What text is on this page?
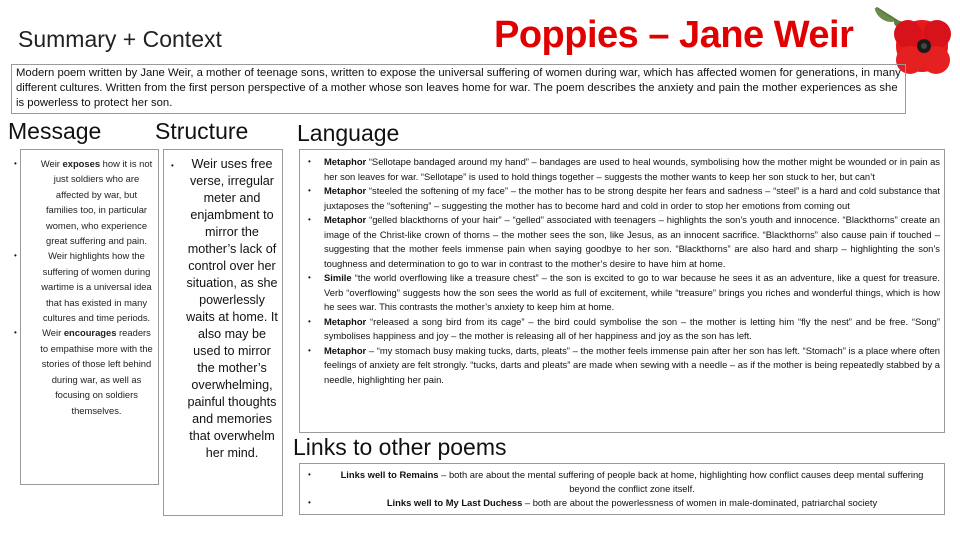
Summary + Context	Poppies – Jane Weir
Modern poem written by Jane Weir, a mother of teenage sons, written to expose the universal suffering of women during war, which has affected women for generations, in many different cultures. Written from the first person perspective of a mother whose son leaves home for war. The poem describes the anxiety and pain the mother experiences as she is powerless to protect her son.
Message Structure Language
• Weir exposes how it is not just soldiers who are affected by war, but families too, in particular women, who experience great suffering and pain.
• Weir highlights how the suffering of women during wartime is a universal idea that has existed in many cultures and time periods.
• Weir encourages readers to empathise more with the stories of those left behind during war, as well as focusing on soldiers themselves.
• Weir uses free verse, irregular meter and enjambment to mirror the mother’s lack of control over her situation, as she powerlessly waits at home. It also may be used to mirror the mother’s overwhelming, painful thoughts and memories that overwhelm her mind.
• Metaphor “Sellotape bandaged around my hand” – bandages are used to heal wounds, symbolising how the mother might be wounded or in pain as her son leaves for war. “Sellotape” is used to hold things together – suggests the mother wants to keep her son stuck to her, but can’t
• Metaphor “steeled the softening of my face” – the mother has to be strong despite her fears and sadness – “steel” is a hard and cold substance that juxtaposes the “softening” – suggesting the mother has to become hard and cold in order to stop her emotions from coming out
• Metaphor “gelled blackthorns of your hair” – “gelled” associated with teenagers – highlights the son’s youth and innocence. “Blackthorns” create an image of the Christ-like crown of thorns – the mother sees the son, like Jesus, as an innocent sacrifice. “Blackthorns” also cause pain if touched – suggesting that the mother feels immense pain when saying goodbye to her son. “Blackthorns” are also hard and sharp – highlighting the son’s toughness and determination to go to war in contrast to the mother’s desire to have him at home.
• Simile “the world overflowing like a treasure chest” – the son is excited to go to war because he sees it as an adventure, like a quest for treasure. Verb “overflowing” suggests how the son sees the world as full of excitement, while “treasure” brings you riches and wonderful things, which is how he sees war. This contrasts the mother’s anxiety to keep him at home.
• Metaphor “released a song bird from its cage” – the bird could symbolise the son – the mother is letting him “fly the nest” and be free. “Song” symbolises happiness and joy – the mother is releasing all of her happiness and joy as the son has left.
• Metaphor – “my stomach busy making tucks, darts, pleats” – the mother feels immense pain after her son has left. “Stomach” is a place where often feelings of anxiety are felt strongly. “tucks, darts and pleats” are made when sewing with a needle – as if the mother is being repeatedly stabbed by a needle, highlighting her pain.
Links to other poems
• Links well to Remains – both are about the mental suffering of people back at home, highlighting how conflict causes deep mental suffering beyond the conflict zone itself.
• Links well to My Last Duchess – both are about the powerlessness of women in male-dominated, patriarchal society
